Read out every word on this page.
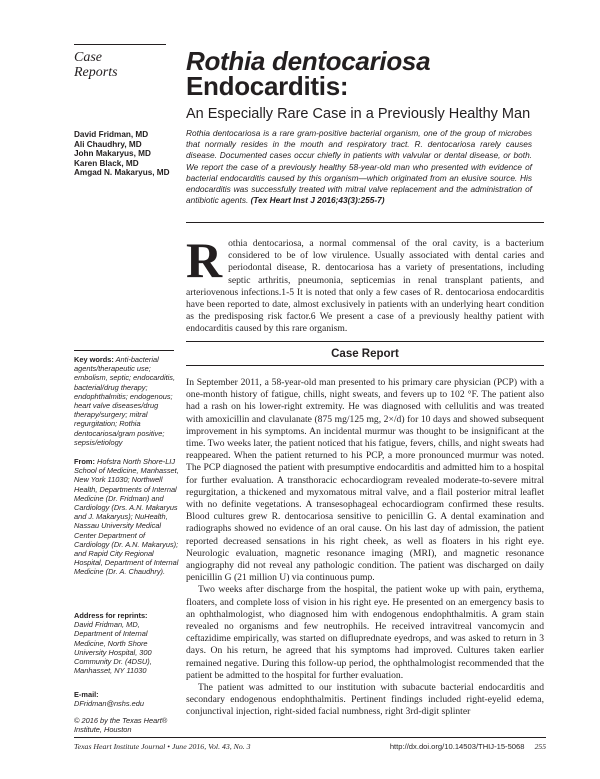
Case
Reports	Rothia dentocariosa
Endocarditis:
An Especially Rare Case in a Previously Healthy Man
David Fridman, MD
Ali Chaudhry, MD
John Makaryus, MD
Karen Black, MD
Amgad N. Makaryus, MD
Rothia dentocariosa is a rare gram-positive bacterial organism, one of the group of microbes that normally resides in the mouth and respiratory tract. R. dentocariosa rarely causes disease. Documented cases occur chiefly in patients with valvular or dental disease, or both. We report the case of a previously healthy 58-year-old man who presented with evidence of bacterial endocarditis caused by this organism—which originated from an elusive source. His endocarditis was successfully treated with mitral valve replacement and the administration of antibiotic agents. (Tex Heart Inst J 2016;43(3):255-7)
Rothia dentocariosa, a normal commensal of the oral cavity, is a bacterium considered to be of low virulence. Usually associated with dental caries and periodontal disease, R. dentocariosa has a variety of presentations, including septic arthritis, pneumonia, septicemias in renal transplant patients, and arteriovenous infections.1-5 It is noted that only a few cases of R. dentocariosa endocarditis have been reported to date, almost exclusively in patients with an underlying heart condition as the predisposing risk factor.6 We present a case of a previously healthy patient with endocarditis caused by this rare organism.
Key words: Anti-bacterial agents/therapeutic use; embolism, septic; endocarditis, bacterial/drug therapy; endophthalmitis; endogenous; heart valve diseases/drug therapy/surgery; mitral regurgitation; Rothia dentocariosa/gram positive; sepsis/etiology
From: Hofstra North Shore-LIJ School of Medicine, Manhasset, New York 11030; Northwell Health, Departments of Internal Medicine (Dr. Fridman) and Cardiology (Drs. A.N. Makaryus and J. Makaryus); NuHealth, Nassau University Medical Center Department of Cardiology (Dr. A.N. Makaryus); and Rapid City Regional Hospital, Department of Internal Medicine (Dr. A. Chaudhry).
Address for reprints:
David Fridman, MD, Department of Internal Medicine, North Shore University Hospital, 300 Community Dr. (4DSU), Manhasset, NY 11030
E-mail:
DFridman@nshs.edu
© 2016 by the Texas Heart® Institute, Houston
Case Report

In September 2011, a 58-year-old man presented to his primary care physician (PCP) with a one-month history of fatigue, chills, night sweats, and fevers up to 102 °F. The patient also had a rash on his lower-right extremity. He was diagnosed with cellulitis and was treated with amoxicillin and clavulanate (875 mg/125 mg, 2×/d) for 10 days and showed subsequent improvement in his symptoms. An incidental murmur was thought to be insignificant at the time. Two weeks later, the patient noticed that his fatigue, fevers, chills, and night sweats had reappeared. When the patient returned to his PCP, a more pronounced murmur was noted. The PCP diagnosed the patient with presumptive endocarditis and admitted him to a hospital for further evaluation. A transthoracic echocardiogram revealed moderate-to-severe mitral regurgitation, a thickened and myxomatous mitral valve, and a flail posterior mitral leaflet with no definite vegetations. A transesophageal echocardiogram confirmed these results. Blood cultures grew R. dentocariosa sensitive to penicillin G. A dental examination and radiographs showed no evidence of an oral cause. On his last day of admission, the patient reported decreased sensations in his right cheek, as well as floaters in his right eye. Neurologic evaluation, magnetic resonance imaging (MRI), and magnetic resonance angiography did not reveal any pathologic condition. The patient was discharged on daily penicillin G (21 million U) via continuous pump.

Two weeks after discharge from the hospital, the patient woke up with pain, erythema, floaters, and complete loss of vision in his right eye. He presented on an emergency basis to an ophthalmologist, who diagnosed him with endogenous endophthalmitis. A gram stain revealed no organisms and few neutrophils. He received intravitreal vancomycin and ceftazidime empirically, was started on difluprednate eyedrops, and was asked to return in 3 days. On his return, he agreed that his symptoms had improved. Cultures taken earlier remained negative. During this follow-up period, the ophthalmologist recommended that the patient be admitted to the hospital for further evaluation.

The patient was admitted to our institution with subacute bacterial endocarditis and secondary endogenous endophthalmitis. Pertinent findings included right-eyelid edema, conjunctival injection, right-sided facial numbness, right 3rd-digit splinter

Texas Heart Institute Journal • June 2016, Vol. 43, No. 3	http://dx.doi.org/10.14503/THIJ-15-5068 255
